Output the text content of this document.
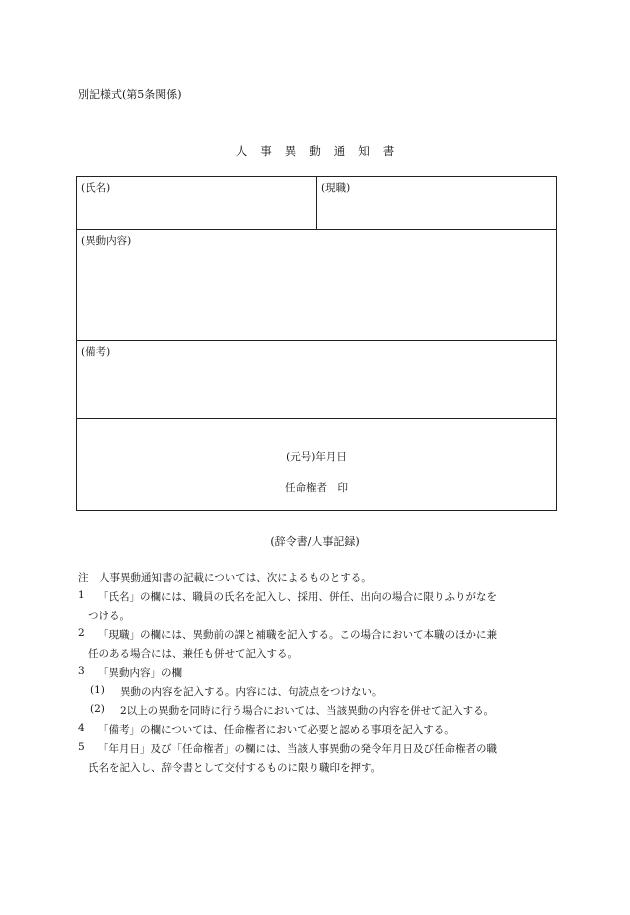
別記様式(第5条関係)
人事異動通知書
(氏名)	(現職)
(異動内容)
(備考)
(元号)年月日
任命権者　印
(辞令書/人事記録)
注　人事異動通知書の記載については、次によるものとする。
1 「氏名」の欄には、職員の氏名を記入し、採用、併任、出向の場合に限りふりがなを
つける。
2 「現職」の欄には、異動前の課と補職を記入する。この場合において本職のほかに兼
任のある場合には、兼任も併せて記入する。
3 「異動内容」の欄
(1) 異動の内容を記入する。内容には、句読点をつけない。
(2) 2以上の異動を同時に行う場合においては、当該異動の内容を併せて記入する。
4 「備考」の欄については、任命権者において必要と認める事項を記入する。
5 「年月日」及び「任命権者」の欄には、当該人事異動の発令年月日及び任命権者の職
氏名を記入し、辞令書として交付するものに限り職印を押す。
